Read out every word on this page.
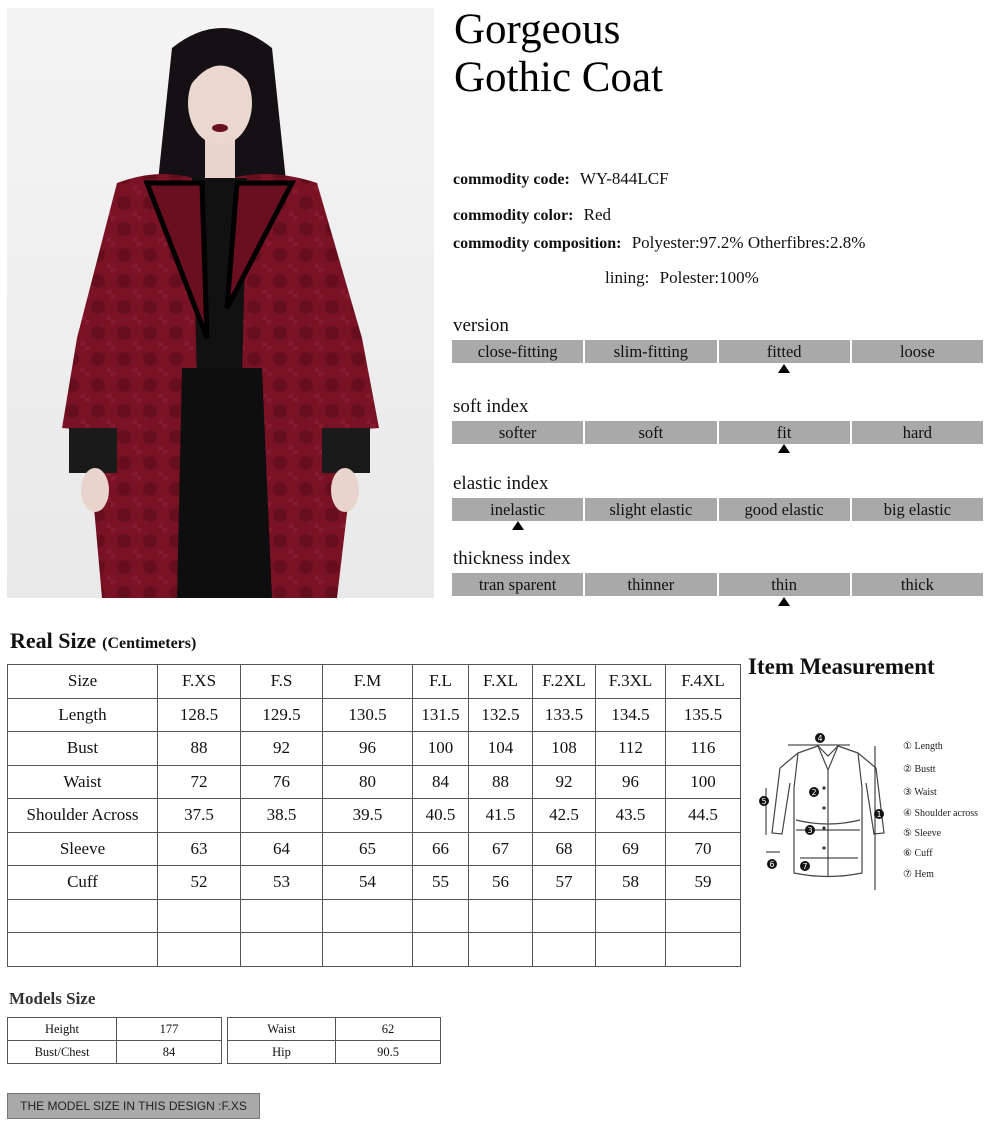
Gorgeous
Gothic Coat
commodity code: WY-844LCF
commodity color: Red
commodity composition: Polyester:97.2% Otherfibres:2.8%
lining: Polester:100%
version
close-fitting	slim-fitting	fitted	loose
soft index
softer	soft	fit	hard
elastic index
inelastic	slight elastic	good elastic	big elastic
thickness index
tran sparent	thinner	thin	thick
Real Size (Centimeters)
Size	F.XS	F.S	F.M	F.L	F.XL	F.2XL	F.3XL	F.4XL
Length	128.5	129.5	130.5	131.5	132.5	133.5	134.5	135.5
Bust	88	92	96	100	104	108	112	116
Waist	72	76	80	84	88	92	96	100
Shoulder Across	37.5	38.5	39.5	40.5	41.5	42.5	43.5	44.5
Sleeve	63	64	65	66	67	68	69	70
Cuff	52	53	54	55	56	57	58	59

Item Measurement
1
2
3
4
5
6	7
① Length
② Bustt
③ Waist
④ Shoulder across
⑤ Sleeve
⑥ Cuff
⑦ Hem
Models Size
Height	177
Bust/Chest	84
Waist	62
Hip	90.5
THE MODEL SIZE IN THIS DESIGN :F.XS
